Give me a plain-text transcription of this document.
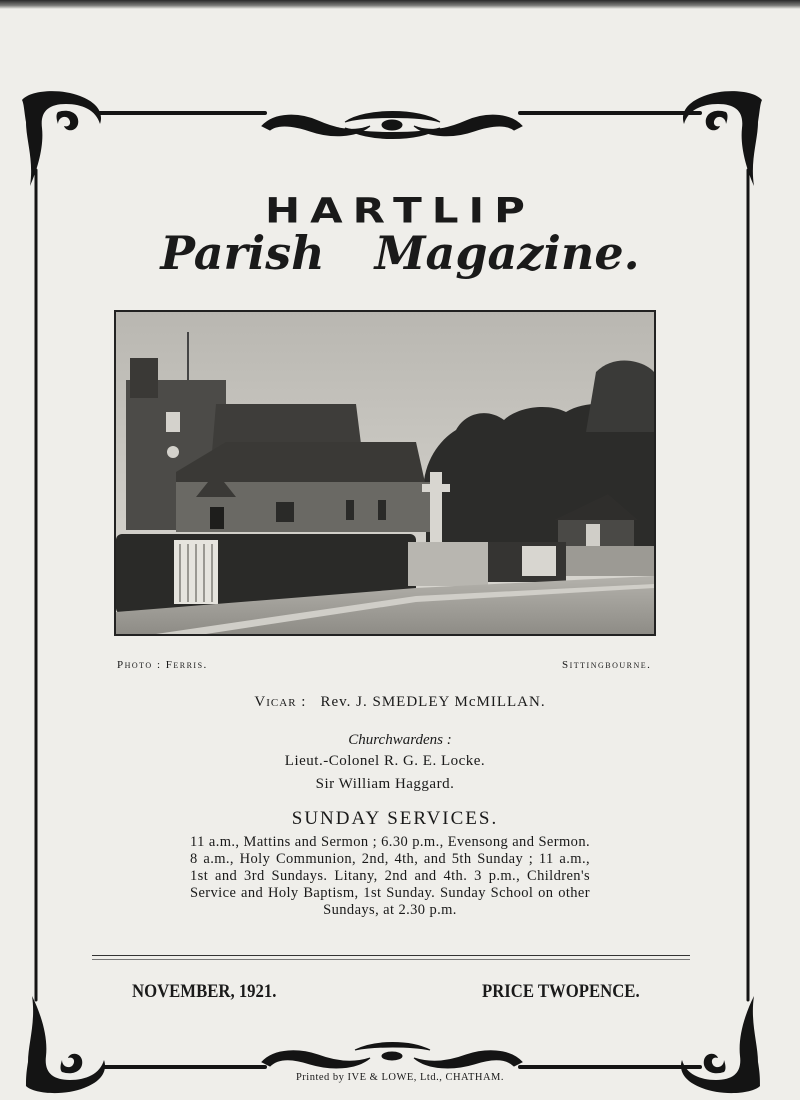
HARTLIP
Parish Magazine.
Photo : Ferris.	Sittingbourne.
Vicar : Rev. J. SMEDLEY McMILLAN.
Churchwardens :
Lieut.-Colonel R. G. E. Locke.
Sir William Haggard.
SUNDAY SERVICES.
11 a.m., Mattins and Sermon ; 6.30 p.m., Evensong and Sermon. 8 a.m., Holy Communion, 2nd, 4th, and 5th Sunday ; 11 a.m., 1st and 3rd Sundays. Litany, 2nd and 4th. 3 p.m., Children's Service and Holy Baptism, 1st Sunday. Sunday School on other Sundays, at 2.30 p.m.
NOVEMBER, 1921.	PRICE TWOPENCE.
Printed by IVE & LOWE, Ltd., CHATHAM.
